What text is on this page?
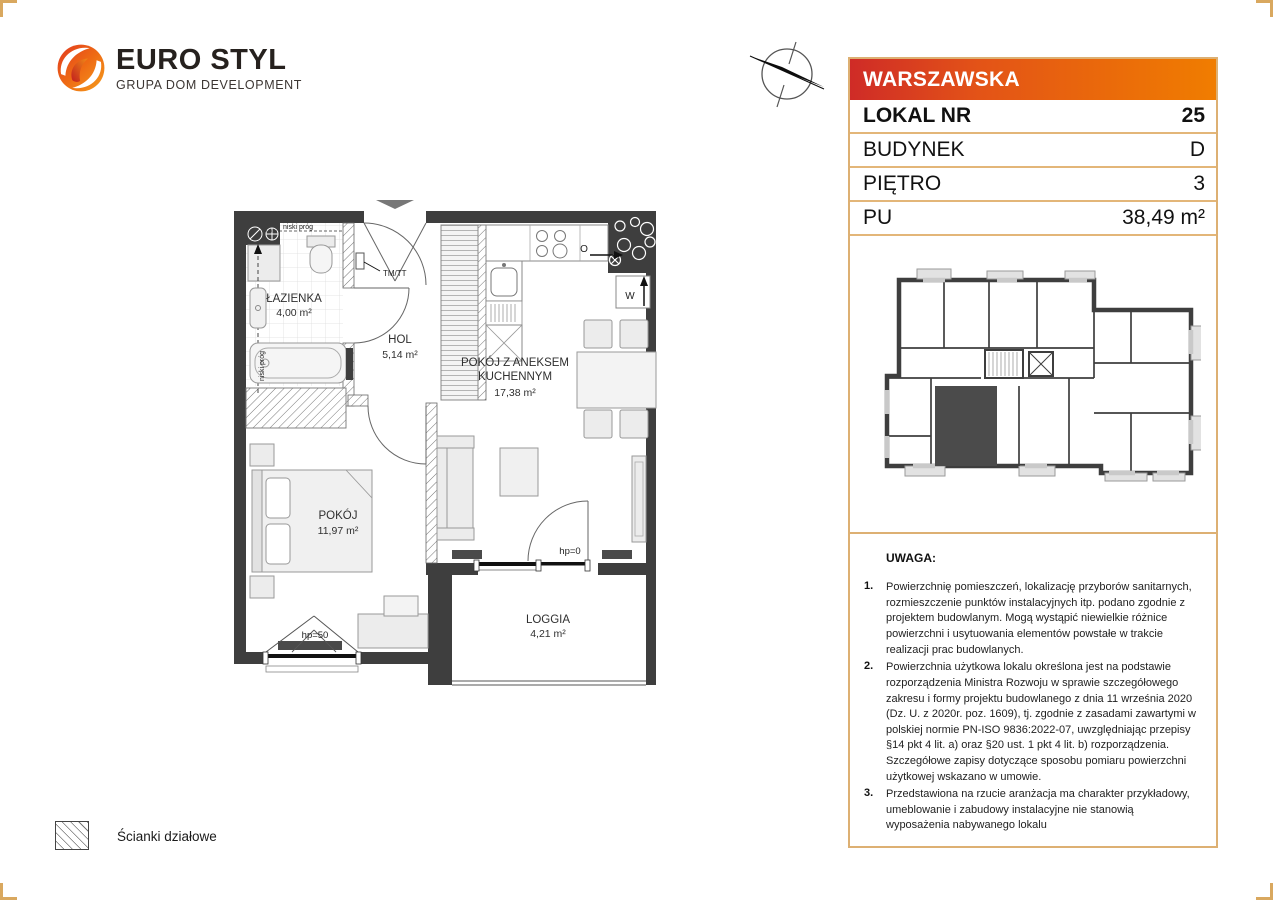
EURO STYL
GRUPA DOM DEVELOPMENT	WARSZAWSKA
LOKAL NR	25
BUDYNEK	D
PIĘTRO	3
PU	38,49 m²
UWAGA:
1.	Powierzchnię pomieszczeń, lokalizację przyborów sanitarnych, rozmieszczenie punktów instalacyjnych itp. podano zgodnie z projektem budowlanym. Mogą wystąpić niewielkie różnice powierzchni i usytuowania elementów powstałe w trakcie realizacji prac budowlanych.
2.	Powierzchnia użytkowa lokalu określona jest na podstawie rozporządzenia Ministra Rozwoju w sprawie szczegółowego zakresu i formy projektu budowlanego z dnia 11 września 2020 (Dz. U. z 2020r. poz. 1609), tj. zgodnie z zasadami zawartymi w polskiej normie PN-ISO 9836:2022-07, uwzględniając przepisy §14 pkt 4 lit. a) oraz §20 ust. 1 pkt 4 lit. b) rozporządzenia. Szczegółowe zapisy dotyczące sposobu pomiaru powierzchni użytkowej wskazano w umowie.
3.	Przedstawiona na rzucie aranżacja ma charakter przykładowy, umeblowanie i zabudowy instalacyjne nie stanowią wyposażenia nabywanego lokalu
ŁAZIENKA
4,00 m²
HOL
5,14 m²
POKÓJ Z ANEKSEM
KUCHENNYM
17,38 m²
POKÓJ
11,97 m²
LOGGIA
4,21 m²
niski próg
niski próg
TM/TT
O
W
hp=0
hp=50
Ścianki działowe
